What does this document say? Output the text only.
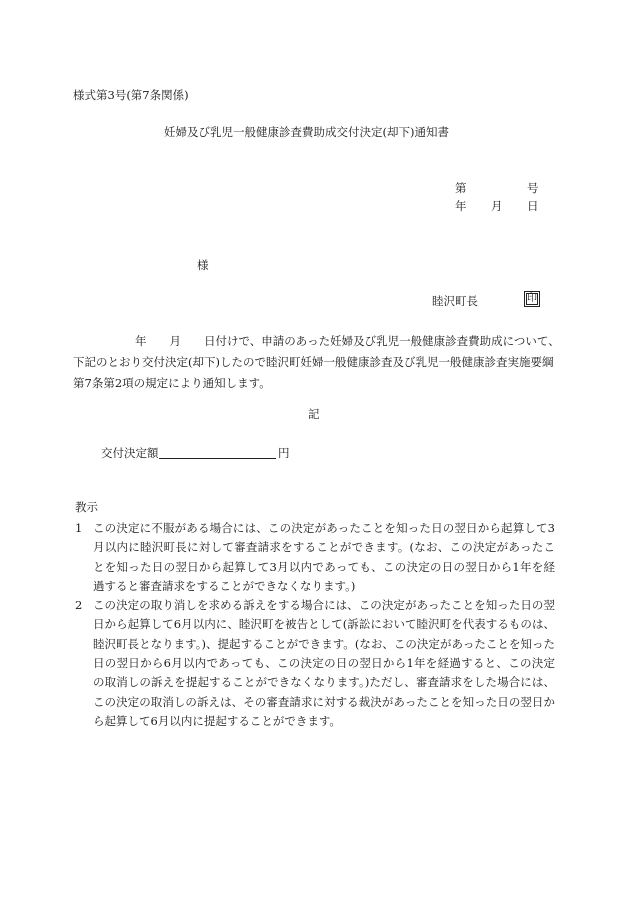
様式第3号(第7条関係)
妊婦及び乳児一般健康診査費助成交付決定(却下)通知書
第	号
年 月 日
様
睦沢町長	印
年　　月　　日付けで、申請のあった妊婦及び乳児一般健康診査費助成について、下記のとおり交付決定(却下)したので睦沢町妊婦一般健康診査及び乳児一般健康診査実施要綱第7条第2項の規定により通知します。
記
交付決定額	円
教示
1 この決定に不服がある場合には、この決定があったことを知った日の翌日から起算して3月以内に睦沢町長に対して審査請求をすることができます。(なお、この決定があったことを知った日の翌日から起算して3月以内であっても、この決定の日の翌日から1年を経過すると審査請求をすることができなくなります。)
2 この決定の取り消しを求める訴えをする場合には、この決定があったことを知った日の翌日から起算して6月以内に、睦沢町を被告として(訴訟において睦沢町を代表するものは、睦沢町長となります。)、提起することができます。(なお、この決定があったことを知った日の翌日から6月以内であっても、この決定の日の翌日から1年を経過すると、この決定の取消しの訴えを提起することができなくなります。)ただし、審査請求をした場合には、この決定の取消しの訴えは、その審査請求に対する裁決があったことを知った日の翌日から起算して6月以内に提起することができます。
